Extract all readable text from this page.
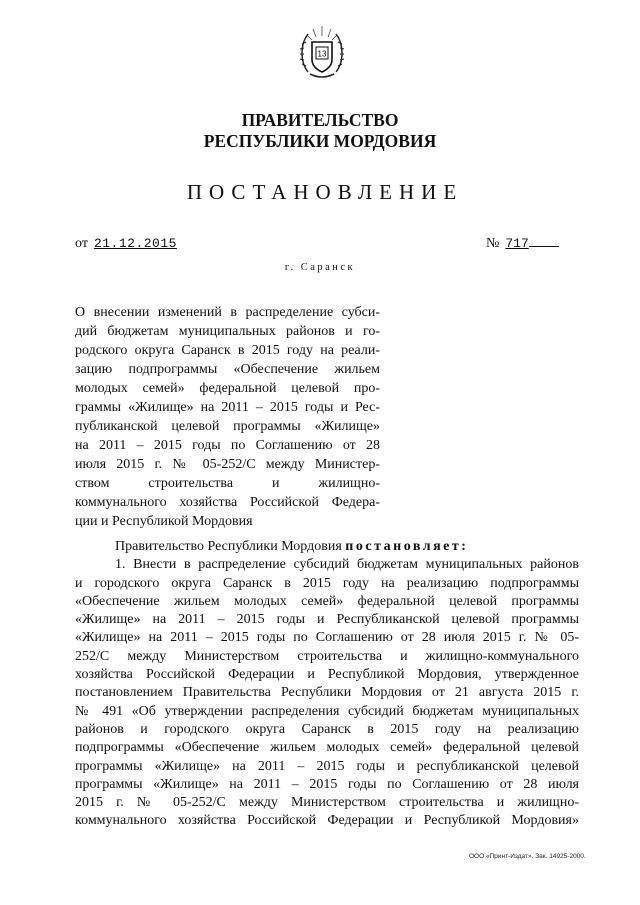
13
ПРАВИТЕЛЬСТВО
РЕСПУБЛИКИ МОРДОВИЯ
ПОСТАНОВЛЕНИЕ
от 21.12.2015	№ 717
г. Саранск
О внесении изменений в распределение субси-
дий бюджетам муниципальных районов и го-
родского округа Саранск в 2015 году на реали-
зацию подпрограммы «Обеспечение жильем
молодых семей» федеральной целевой про-
граммы «Жилище» на 2011 – 2015 годы и Рес-
публиканской целевой программы «Жилище»
на 2011 – 2015 годы по Соглашению от 28
июля 2015 г. № 05-252/С между Министер-
ством строительства и жилищно-
коммунального хозяйства Российской Федера-
ции и Республикой Мордовия
Правительство Республики Мордовия постановляет:
1. Внести в распределение субсидий бюджетам муниципальных районов
и городского округа Саранск в 2015 году на реализацию подпрограммы
«Обеспечение жильем молодых семей» федеральной целевой программы
«Жилище» на 2011 – 2015 годы и Республиканской целевой программы
«Жилище» на 2011 – 2015 годы по Соглашению от 28 июля 2015 г. № 05-
252/С между Министерством строительства и жилищно-коммунального
хозяйства Российской Федерации и Республикой Мордовия, утвержденное
постановлением Правительства Республики Мордовия от 21 августа 2015 г.
№ 491 «Об утверждении распределения субсидий бюджетам муниципальных
районов и городского округа Саранск в 2015 году на реализацию
подпрограммы «Обеспечение жильем молодых семей» федеральной целевой
программы «Жилище» на 2011 – 2015 годы и республиканской целевой
программы «Жилище» на 2011 – 2015 годы по Соглашению от 28 июля
2015 г. № 05-252/С между Министерством строительства и жилищно-
коммунального хозяйства Российской Федерации и Республикой Мордовия»
ООО «Принт-Издат». Зак. 14925-2000.
